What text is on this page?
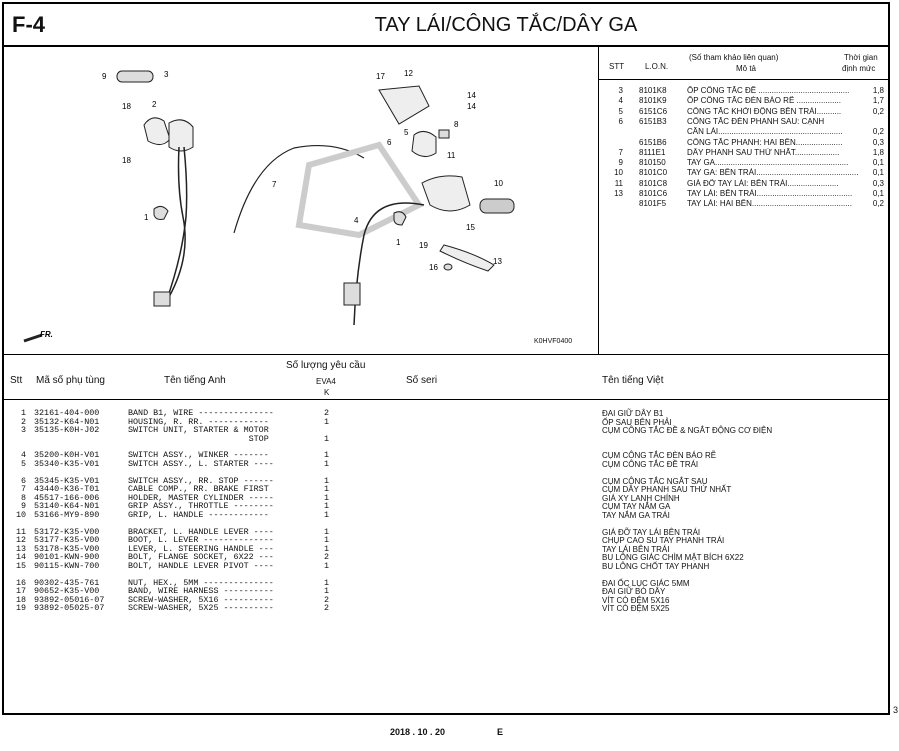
F-4	TAY LÁI/CÔNG TẮC/DÂY GA
9	3
18	2
18
1
17 12
14
14
8
5
6
11
7	10
4
1 19
15
13
16
FR.
K0HVF0400
STT	L.O.N.
(Số tham khảo liên quan)
Mô tả
Thời gian
định mức
3 8101K8	ỐP CÔNG TẮC ĐỀ .........................................	1,8
4 8101K9	ỐP CÔNG TẮC ĐÈN BÁO RẼ ....................	1,7
5 6151C6 CÔNG TẮC KHỞI ĐỘNG BÊN TRÁI...........	0,2
6 6151B3	CÔNG TẮC ĐÈN PHANH SAU: CẠNH
CẦN LÁI........................................................	0,2
6151B6	CÔNG TẮC PHANH: HAI BÊN.....................	0,3
7 8111E1	DÂY PHANH SAU THỨ NHẤT....................	1,8
9 810150	TAY GA............................................................	0,1
10 8101C0 TAY GA: BÊN TRÁI..............................................	0,1
11 8101C8 GIÁ ĐỠ TAY LÁI: BÊN TRÁI.......................	0,3
13 8101C6 TAY LÁI: BÊN TRÁI...........................................	0,1
8101F5	TAY LÁI: HAI BÊN.............................................	0,2
Stt Mã số phụ tùng	Tên tiếng Anh
Số lượng yêu cầu
EVA4
K
Số seri	Tên tiếng Việt
1 32161-404-000	BAND B1, WIRE ---------------	2	ĐAI GIỮ DÂY B1
2 35132-K64-N01	HOUSING, R. RR. ------------	1	ỐP SAU BÊN PHẢI
3 35135-K0H-J02	SWITCH UNIT, STARTER & MOTOR	CỤM CÔNG TẮC ĐỀ & NGẮT ĐỘNG CƠ ĐIỆN
STOP	1
4 35200-K0H-V01	SWITCH ASSY., WINKER -------	1	CỤM CÔNG TẮC ĐÈN BÁO RẼ
5 35340-K35-V01	SWITCH ASSY., L. STARTER ----	1	CỤM CÔNG TẮC ĐỀ TRÁI
6 35345-K35-V01	SWITCH ASSY., RR. STOP ------	1	CỤM CÔNG TẮC NGẮT SAU
7 43440-K36-T01	CABLE COMP., RR. BRAKE FIRST	1	CỤM DÂY PHANH SAU THỨ NHẤT
8 45517-166-006	HOLDER, MASTER CYLINDER -----	1	GIÁ XY LANH CHÍNH
9 53140-K64-N01	GRIP ASSY., THROTTLE --------	1	CỤM TAY NẮM GA
10 53166-MY9-890	GRIP, L. HANDLE ------------	1	TAY NẮM GA TRÁI
11 53172-K35-V00	BRACKET, L. HANDLE LEVER ----	1	GIÁ ĐỠ TAY LÁI BÊN TRÁI
12 53177-K35-V00	BOOT, L. LEVER --------------	1	CHỤP CAO SU TAY PHANH TRÁI
13 53178-K35-V00	LEVER, L. STEERING HANDLE ---	1	TAY LÁI BÊN TRÁI
14 90101-KWN-900	BOLT, FLANGE SOCKET, 6X22 ---	2	BU LÔNG GIÁC CHÌM MẶT BÍCH 6X22
15 90115-KWN-700	BOLT, HANDLE LEVER PIVOT ----	1	BU LÔNG CHỐT TAY PHANH
16 90302-435-761	NUT, HEX., 5MM --------------	1	ĐAI ỐC LỤC GIÁC 5MM
17 90652-K35-V00	BAND, WIRE HARNESS ----------	1	ĐAI GIỮ BÓ DÂY
18 93892-05016-07	SCREW-WASHER, 5X16 ----------	2	VÍT CÓ ĐỆM 5X16
19 93892-05025-07	SCREW-WASHER, 5X25 ----------	2	VÍT CÓ ĐỆM 5X25
2018 . 10 . 20	E
3
